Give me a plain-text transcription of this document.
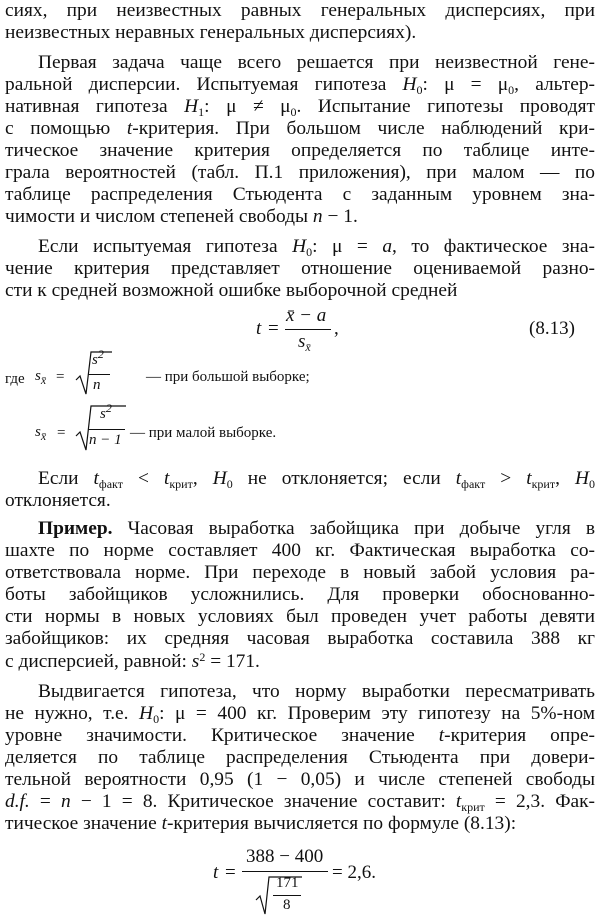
сиях, при неизвестных равных генеральных дисперсиях, при
неизвестных неравных генеральных дисперсиях).
Первая задача чаще всего решается при неизвестной гене-
ральной дисперсии. Испытуемая гипотеза $H_0$: $\mu = \mu_0$, альтер-
нативная гипотеза $H_1$: $\mu \ne \mu_0$. Испытание гипотезы проводят
с помощью t-критерия. При большом числе наблюдений кри-
тическое значение критерия определяется по таблице инте-
грала вероятностей (табл. П.1 приложения), при малом — по
таблице распределения Стьюдента с заданным уровнем зна-
чимости и числом степеней свободы n − 1.
Если испытуемая гипотеза $H_0$: μ = a, то фактическое зна-
чение критерия представляет отношение оцениваемой разно-
сти к средней возможной ошибке выборочной средней
t =
x̄ − a
$s_{x̄}$
,	(8.13)
где $s_{x̄}$ =
$s^2$
n	— при большой выборке;
$s_{x̄}$ =
$s^2$
n − 1 — при малой выборке.
Если $t_{факт} < t_{крит}$, $H_0$ не отклоняется; если $t_{факт} > t_{крит}$, $H_0$
отклоняется.
Пример. Часовая выработка забойщика при добыче угля в
шахте по норме составляет 400 кг. Фактическая выработка со-
ответствовала норме. При переходе в новый забой условия ра-
боты забойщиков усложнились. Для проверки обоснованно-
сти нормы в новых условиях был проведен учет работы девяти
забойщиков: их средняя часовая выработка составила 388 кг
с дисперсией, равной: $s^2 = 171$.
Выдвигается гипотеза, что норму выработки пересматривать
не нужно, т.е. $H_0$: μ = 400 кг. Проверим эту гипотезу на 5%-ном
уровне значимости. Критическое значение t-критерия опре-
деляется по таблице распределения Стьюдента при довери-
тельной вероятности 0,95 (1 − 0,05) и числе степеней свободы
d.f. = n − 1 = 8. Критическое значение составит: $t_{крит} = 2,3$. Фак-
тическое значение t-критерия вычисляется по формуле (8.13):
t =
388 − 400
171
8
= 2,6.
